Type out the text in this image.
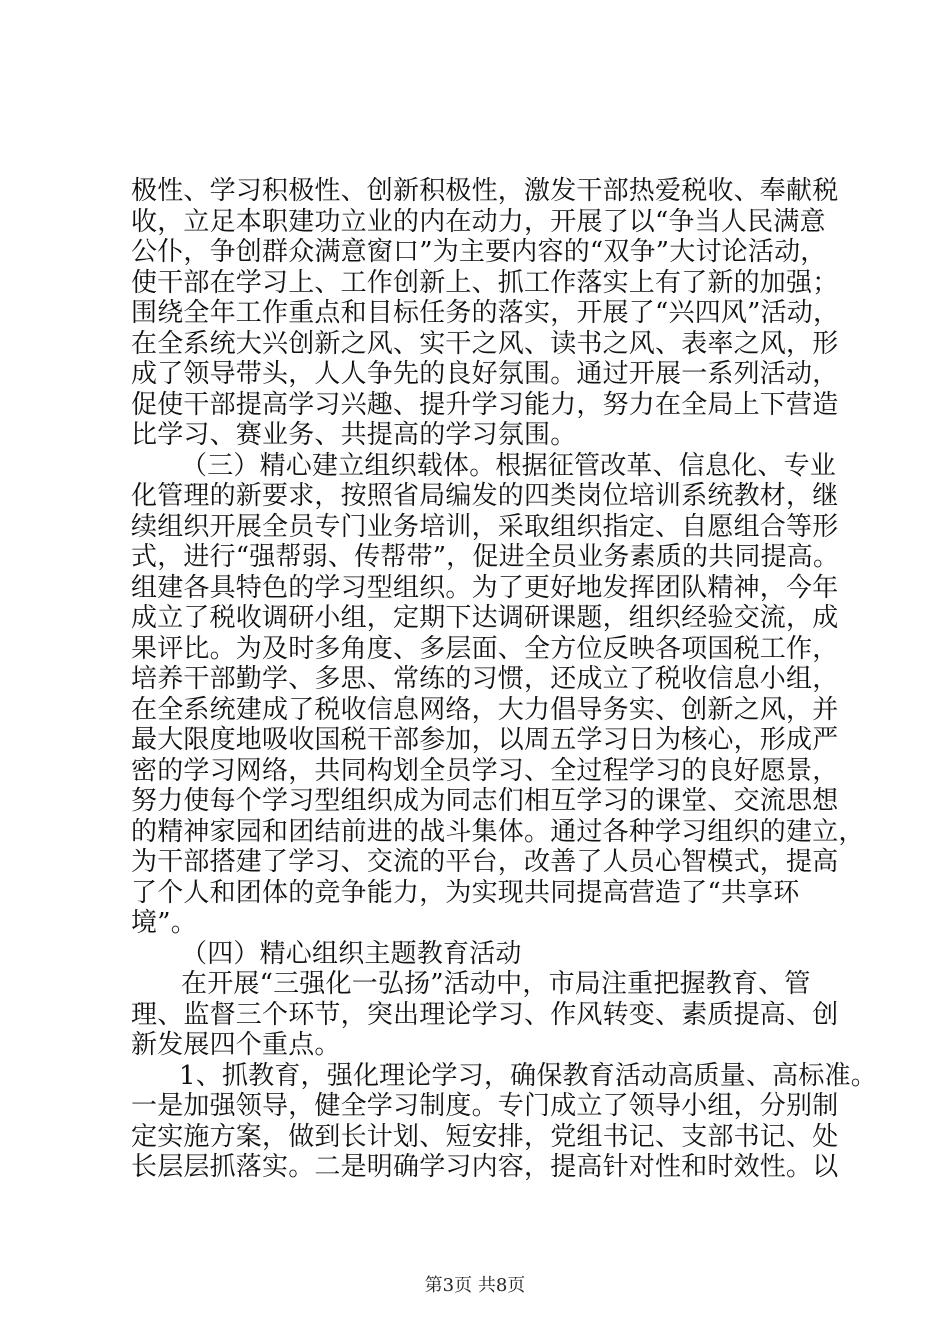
极性、学习积极性、创新积极性，激发干部热爱税收、奉献税
收，立足本职建功立业的内在动力，开展了以“争当人民满意
公仆，争创群众满意窗口”为主要内容的“双争”大讨论活动，
使干部在学习上、工作创新上、抓工作落实上有了新的加强；
围绕全年工作重点和目标任务的落实，开展了“兴四风”活动，
在全系统大兴创新之风、实干之风、读书之风、表率之风，形
成了领导带头，人人争先的良好氛围。通过开展一系列活动，
促使干部提高学习兴趣、提升学习能力，努力在全局上下营造
比学习、赛业务、共提高的学习氛围。
（三）精心建立组织载体。根据征管改革、信息化、专业
化管理的新要求，按照省局编发的四类岗位培训系统教材，继
续组织开展全员专门业务培训，采取组织指定、自愿组合等形
式，进行“强帮弱、传帮带”，促进全员业务素质的共同提高。
组建各具特色的学习型组织。为了更好地发挥团队精神，今年
成立了税收调研小组，定期下达调研课题，组织经验交流，成
果评比。为及时多角度、多层面、全方位反映各项国税工作，
培养干部勤学、多思、常练的习惯，还成立了税收信息小组，
在全系统建成了税收信息网络，大力倡导务实、创新之风，并
最大限度地吸收国税干部参加，以周五学习日为核心，形成严
密的学习网络，共同构划全员学习、全过程学习的良好愿景，
努力使每个学习型组织成为同志们相互学习的课堂、交流思想
的精神家园和团结前进的战斗集体。通过各种学习组织的建立，
为干部搭建了学习、交流的平台，改善了人员心智模式，提高
了个人和团体的竞争能力，为实现共同提高营造了“共享环
境”。
（四）精心组织主题教育活动
在开展“三强化一弘扬”活动中，市局注重把握教育、管
理、监督三个环节，突出理论学习、作风转变、素质提高、创
新发展四个重点。
1、抓教育，强化理论学习，确保教育活动高质量、高标准。
一是加强领导，健全学习制度。专门成立了领导小组，分别制
定实施方案，做到长计划、短安排，党组书记、支部书记、处
长层层抓落实。二是明确学习内容，提高针对性和时效性。以
第3页 共8页
